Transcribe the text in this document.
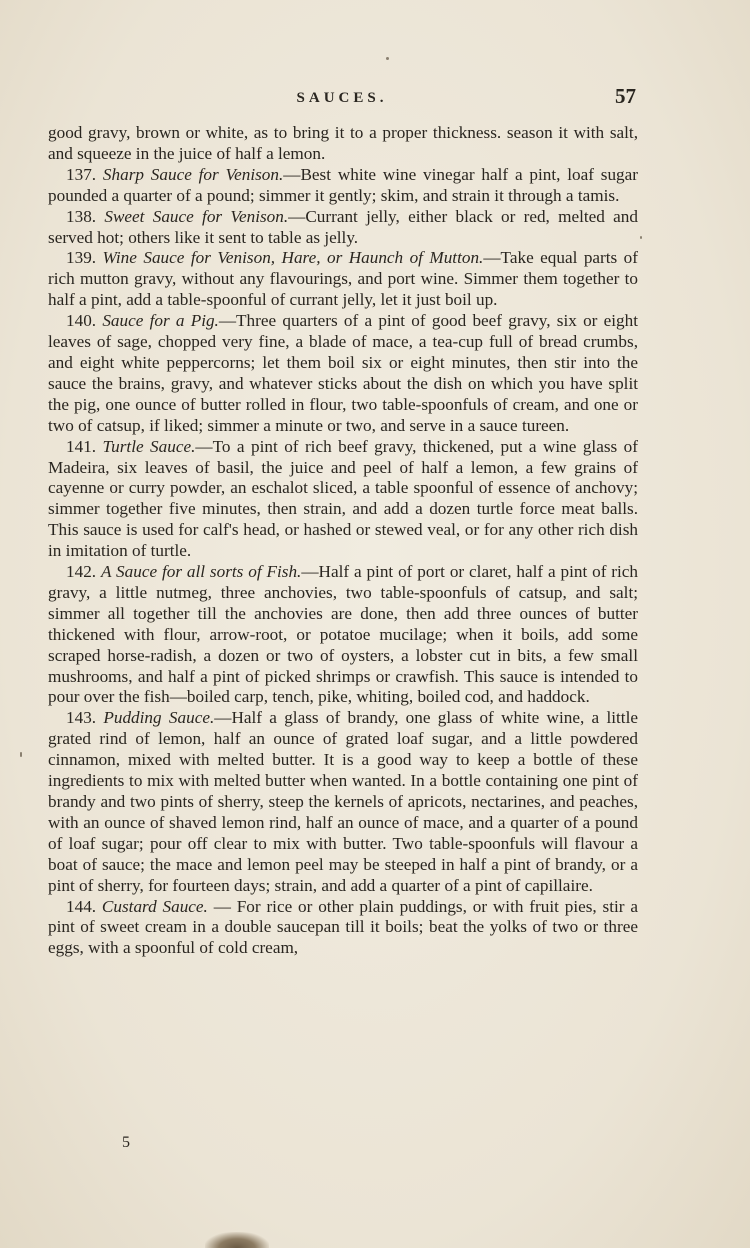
SAUCES.	57

good gravy, brown or white, as to bring it to a proper thickness. season it with salt, and squeeze in the juice of half a lemon.

137. Sharp Sauce for Venison.—Best white wine vinegar half a pint, loaf sugar pounded a quarter of a pound; simmer it gently; skim, and strain it through a tamis.

138. Sweet Sauce for Venison.—Currant jelly, either black or red, melted and served hot; others like it sent to table as jelly.

139. Wine Sauce for Venison, Hare, or Haunch of Mutton.—Take equal parts of rich mutton gravy, without any flavourings, and port wine. Simmer them together to half a pint, add a table-spoonful of currant jelly, let it just boil up.

140. Sauce for a Pig.—Three quarters of a pint of good beef gravy, six or eight leaves of sage, chopped very fine, a blade of mace, a tea-cup full of bread crumbs, and eight white peppercorns; let them boil six or eight minutes, then stir into the sauce the brains, gravy, and whatever sticks about the dish on which you have split the pig, one ounce of butter rolled in flour, two table-spoonfuls of cream, and one or two of catsup, if liked; simmer a minute or two, and serve in a sauce tureen.

141. Turtle Sauce.—To a pint of rich beef gravy, thickened, put a wine glass of Madeira, six leaves of basil, the juice and peel of half a lemon, a few grains of cayenne or curry powder, an eschalot sliced, a table spoonful of essence of anchovy; simmer together five minutes, then strain, and add a dozen turtle force meat balls. This sauce is used for calf's head, or hashed or stewed veal, or for any other rich dish in imitation of turtle.

142. A Sauce for all sorts of Fish.—Half a pint of port or claret, half a pint of rich gravy, a little nutmeg, three anchovies, two table-spoonfuls of catsup, and salt; simmer all together till the anchovies are done, then add three ounces of butter thickened with flour, arrow-root, or potatoe mucilage; when it boils, add some scraped horse-radish, a dozen or two of oysters, a lobster cut in bits, a few small mushrooms, and half a pint of picked shrimps or crawfish. This sauce is intended to pour over the fish—boiled carp, tench, pike, whiting, boiled cod, and haddock.

143. Pudding Sauce.—Half a glass of brandy, one glass of white wine, a little grated rind of lemon, half an ounce of grated loaf sugar, and a little powdered cinnamon, mixed with melted butter. It is a good way to keep a bottle of these ingredients to mix with melted butter when wanted. In a bottle containing one pint of brandy and two pints of sherry, steep the kernels of apricots, nectarines, and peaches, with an ounce of shaved lemon rind, half an ounce of mace, and a quarter of a pound of loaf sugar; pour off clear to mix with butter. Two table-spoonfuls will flavour a boat of sauce; the mace and lemon peel may be steeped in half a pint of brandy, or a pint of sherry, for fourteen days; strain, and add a quarter of a pint of capillaire.

144. Custard Sauce. — For rice or other plain puddings, or with fruit pies, stir a pint of sweet cream in a double saucepan till it boils; beat the yolks of two or three eggs, with a spoonful of cold cream,

5
